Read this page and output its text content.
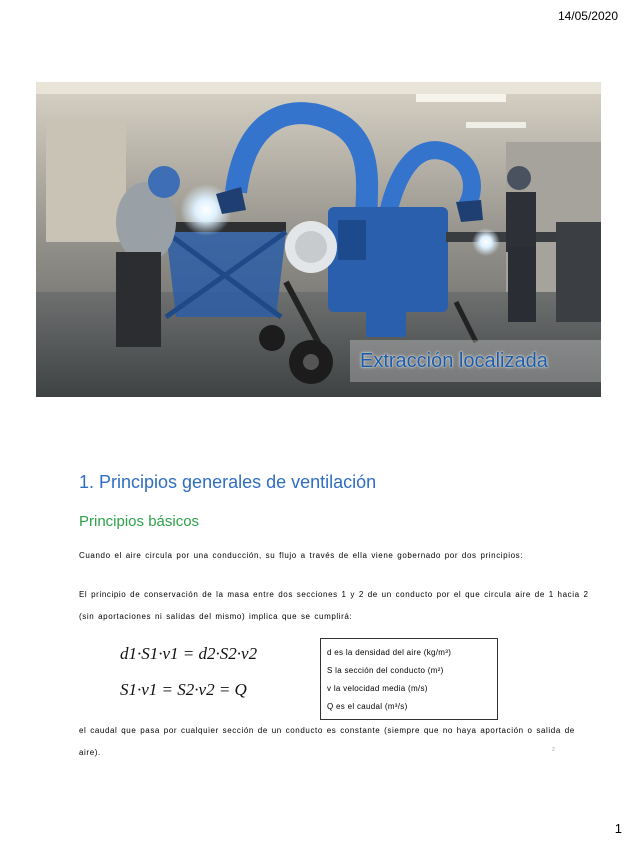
14/05/2020
Extracción localizada
1. Principios generales de ventilación
Principios básicos
Cuando el aire circula por una conducción, su flujo a través de ella viene gobernado por dos principios:
El principio de conservación de la masa entre dos secciones 1 y 2 de un conducto por el que circula aire de 1 hacia 2 (sin aportaciones ni salidas del mismo) implica que se cumplirá:
d1·S1·v1 = d2·S2·v2
S1·v1 = S2·v2 = Q
d es la densidad del aire (kg/m³)
S la sección del conducto (m²)
v la velocidad media (m/s)
Q es el caudal (m³/s)
el caudal que pasa por cualquier sección de un conducto es constante (siempre que no haya aportación o salida de aire).	2
1
